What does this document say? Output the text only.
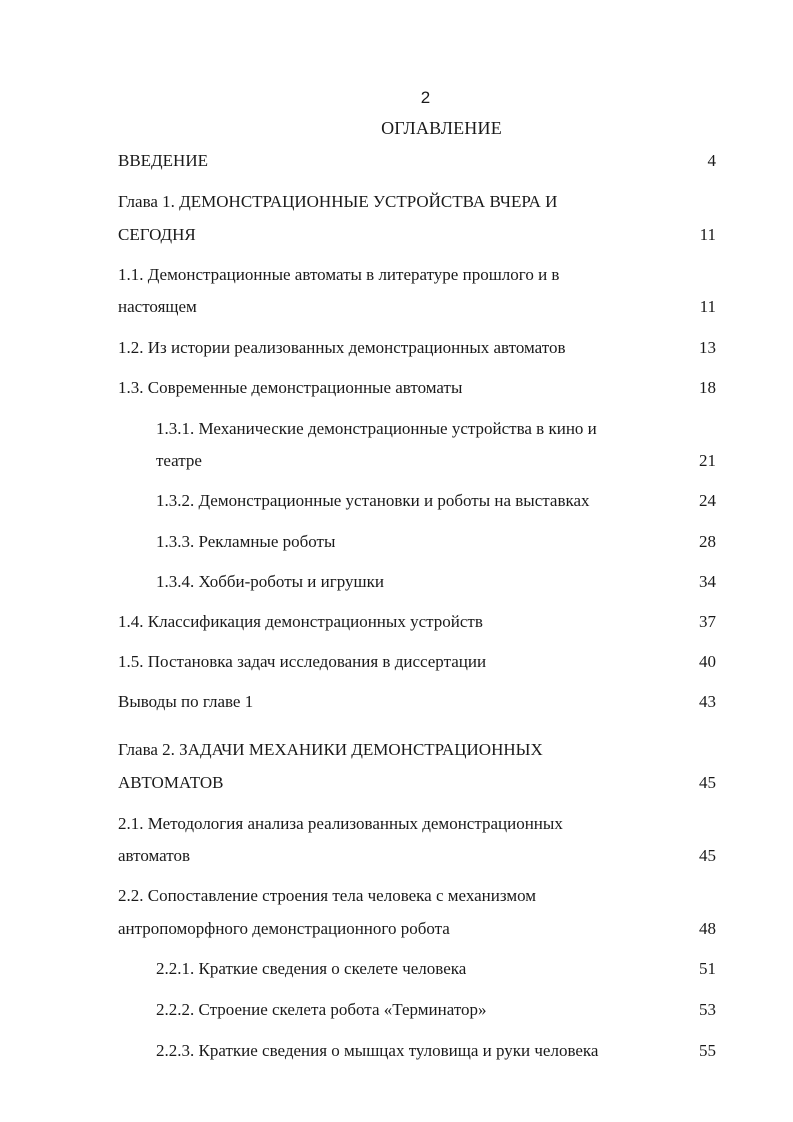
2
ОГЛАВЛЕНИЕ
ВВЕДЕНИЕ	4
Глава 1. ДЕМОНСТРАЦИОННЫЕ УСТРОЙСТВА ВЧЕРА И
СЕГОДНЯ	11
1.1. Демонстрационные автоматы в литературе прошлого и в
настоящем	11
1.2. Из истории реализованных демонстрационных автоматов	13
1.3. Современные демонстрационные автоматы	18
1.3.1. Механические демонстрационные устройства в кино и
театре	21
1.3.2. Демонстрационные установки и роботы на выставках	24
1.3.3. Рекламные роботы	28
1.3.4. Хобби-роботы и игрушки	34
1.4. Классификация демонстрационных устройств	37
1.5. Постановка задач исследования в диссертации	40
Выводы по главе 1	43
Глава 2. ЗАДАЧИ МЕХАНИКИ ДЕМОНСТРАЦИОННЫХ
АВТОМАТОВ	45
2.1. Методология анализа реализованных демонстрационных
автоматов	45
2.2. Сопоставление строения тела человека с механизмом
антропоморфного демонстрационного робота	48
2.2.1. Краткие сведения о скелете человека	51
2.2.2. Строение скелета робота «Терминатор»	53
2.2.3. Краткие сведения о мышцах туловища и руки человека	55
